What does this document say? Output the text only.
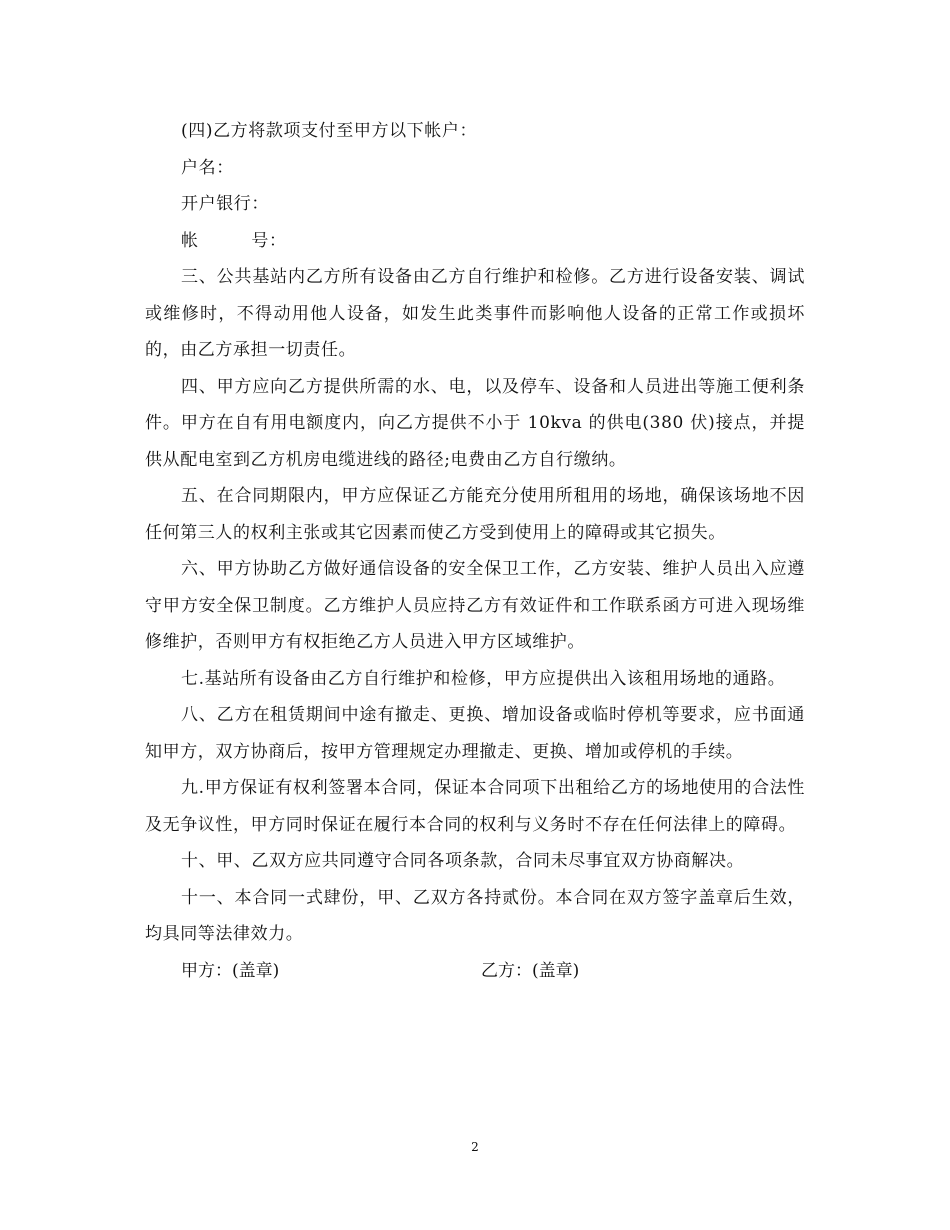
(四)乙方将款项支付至甲方以下帐户：

户名：

开户银行：

帐　　　号：

三、公共基站内乙方所有设备由乙方自行维护和检修。乙方进行设备安装、调试或维修时，不得动用他人设备，如发生此类事件而影响他人设备的正常工作或损坏的，由乙方承担一切责任。

四、甲方应向乙方提供所需的水、电，以及停车、设备和人员进出等施工便利条件。甲方在自有用电额度内，向乙方提供不小于 10kva 的供电(380 伏)接点，并提供从配电室到乙方机房电缆进线的路径;电费由乙方自行缴纳。

五、在合同期限内，甲方应保证乙方能充分使用所租用的场地，确保该场地不因任何第三人的权利主张或其它因素而使乙方受到使用上的障碍或其它损失。

六、甲方协助乙方做好通信设备的安全保卫工作，乙方安装、维护人员出入应遵守甲方安全保卫制度。乙方维护人员应持乙方有效证件和工作联系函方可进入现场维修维护，否则甲方有权拒绝乙方人员进入甲方区域维护。

七.基站所有设备由乙方自行维护和检修，甲方应提供出入该租用场地的通路。

八、乙方在租赁期间中途有撤走、更换、增加设备或临时停机等要求，应书面通知甲方，双方协商后，按甲方管理规定办理撤走、更换、增加或停机的手续。

九.甲方保证有权利签署本合同，保证本合同项下出租给乙方的场地使用的合法性及无争议性，甲方同时保证在履行本合同的权利与义务时不存在任何法律上的障碍。

十、甲、乙双方应共同遵守合同各项条款，合同未尽事宜双方协商解决。

十一、本合同一式肆份，甲、乙双方各持贰份。本合同在双方签字盖章后生效，均具同等法律效力。

甲方：(盖章)	乙方：(盖章)
2
